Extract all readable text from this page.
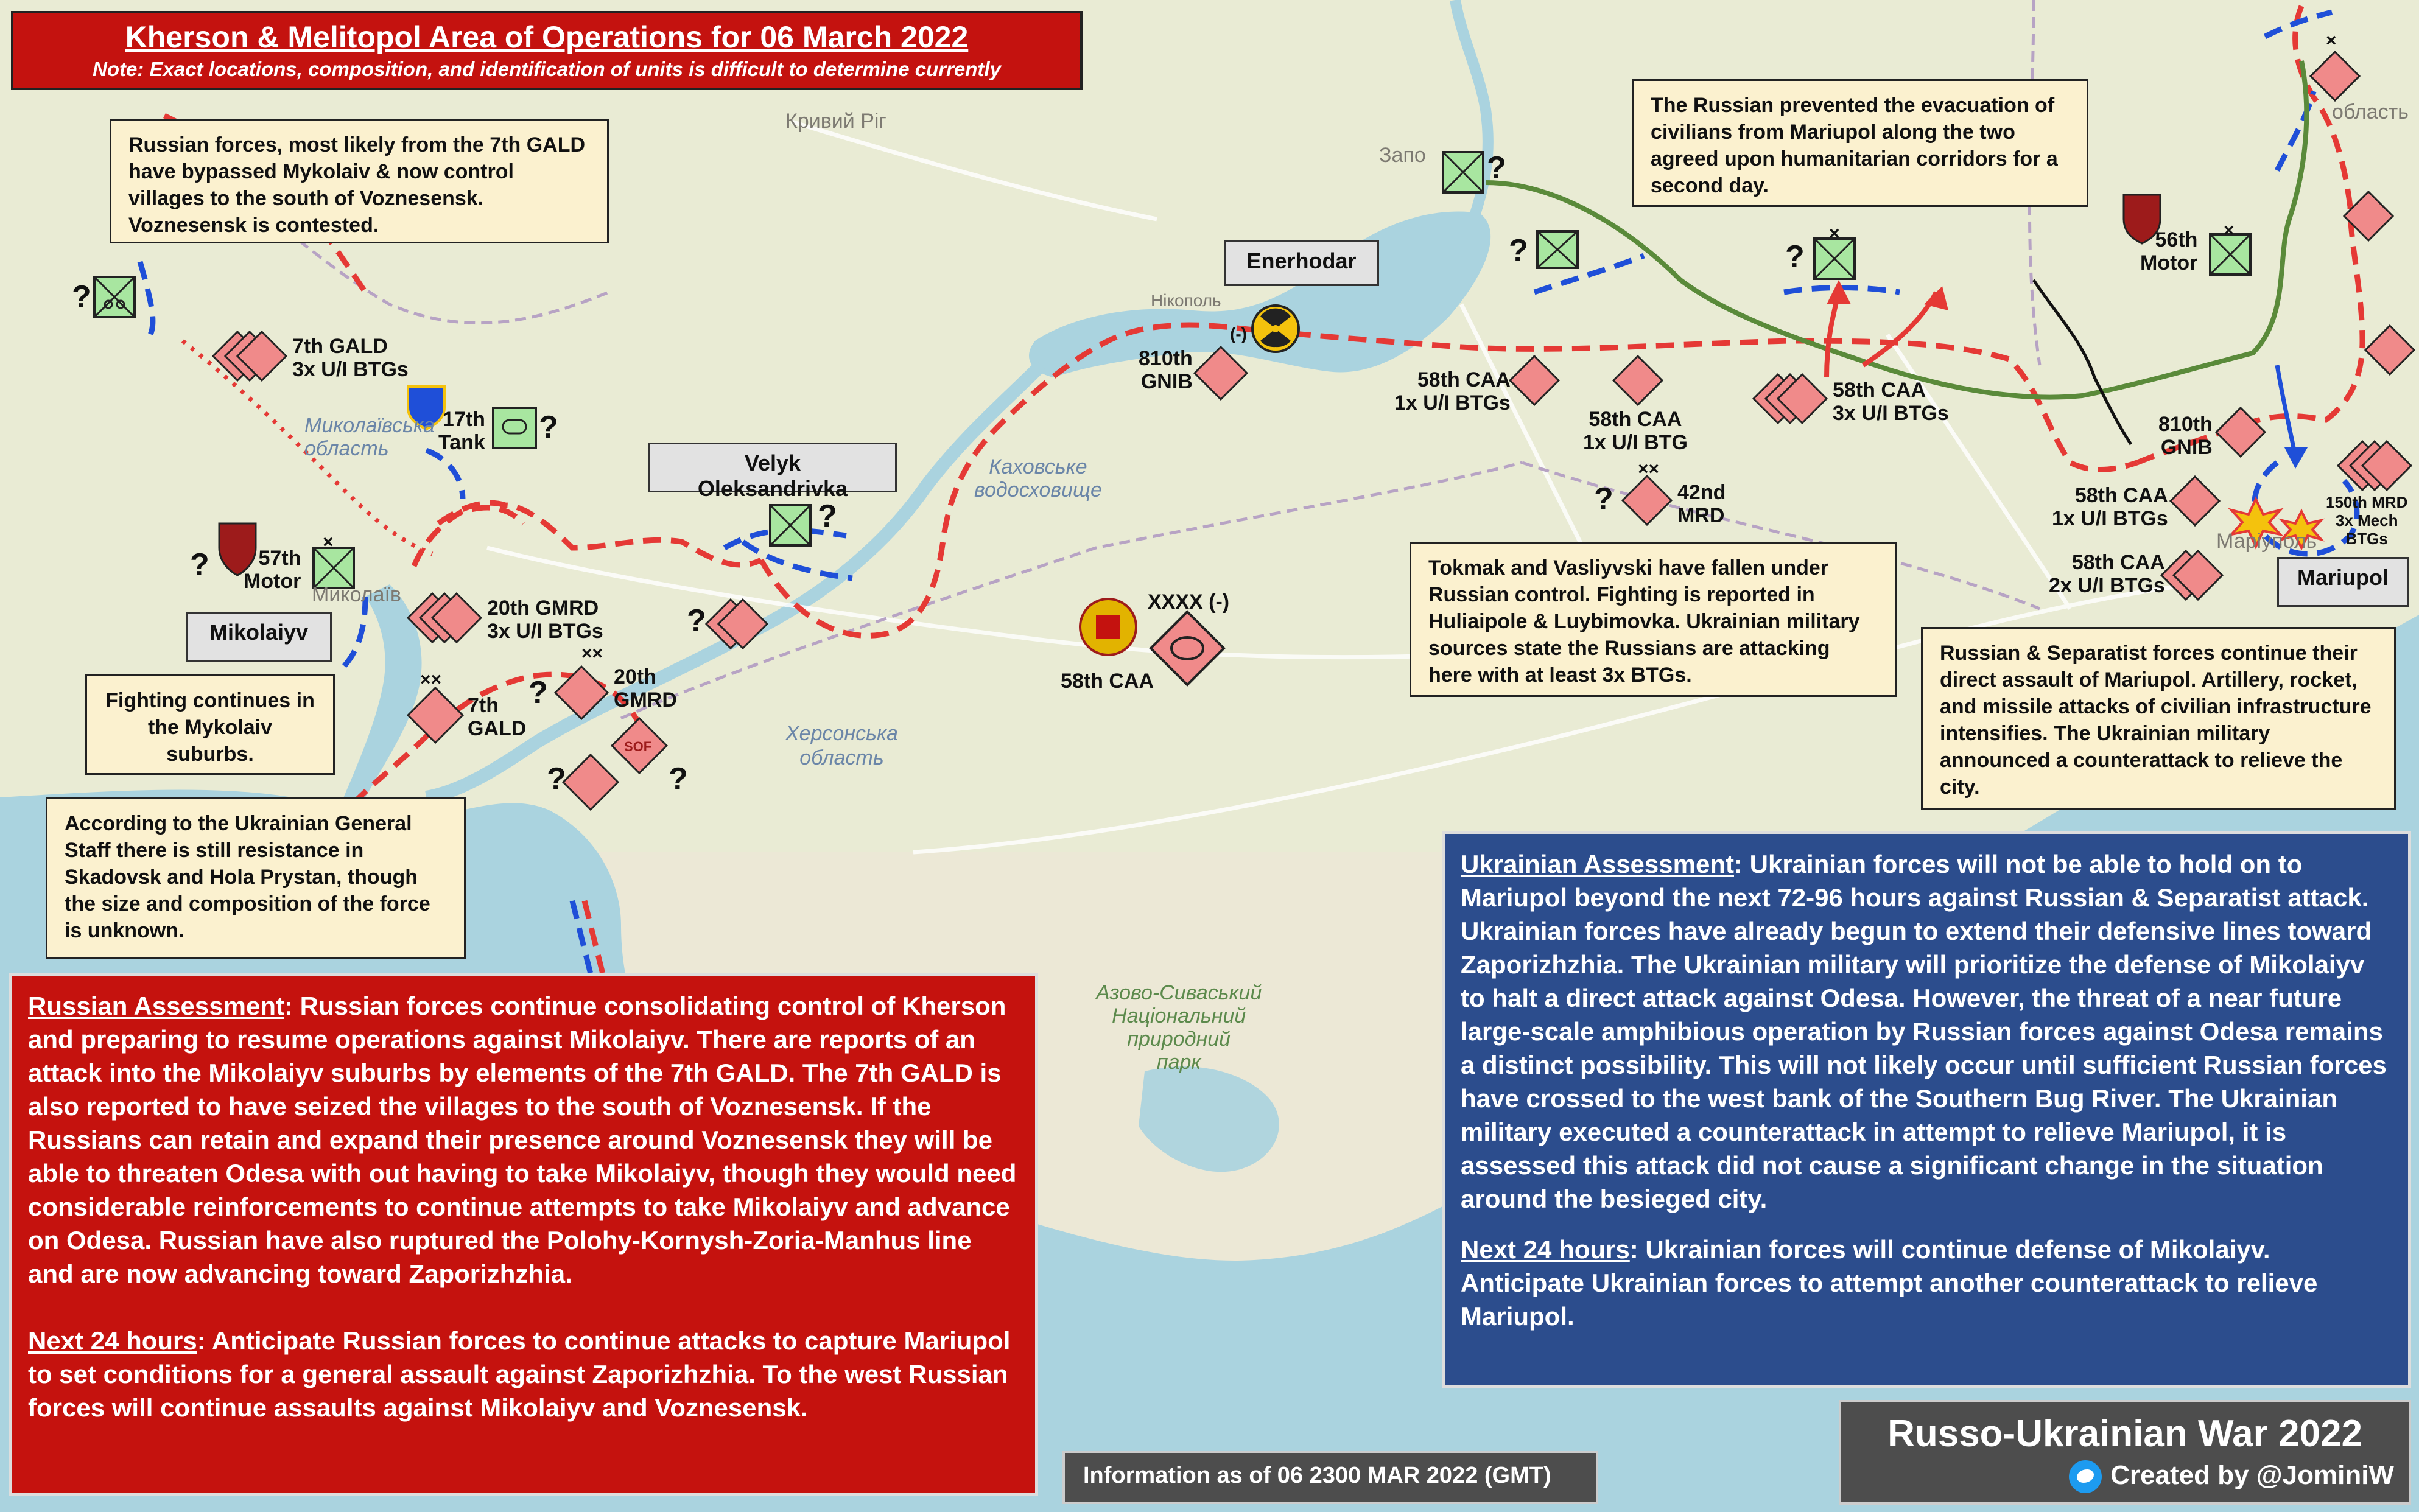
Кривий Ріг
Запо
Нікополь
Миколаївська
область
Миколаїв
Каховське
водосховище
Херсонська
область
Азово-Сиваський
Національний
природний
парк
Маріуполь
область
Kherson & Melitopol Area of Operations for 06 March 2022
Note: Exact locations, composition, and identification of units is difficult to determine currently
Russian forces, most likely from the 7th GALD have bypassed Mykolaiv & now control villages to the south of Voznesensk. Voznesensk is contested.
Fighting continues in the Mykolaiv suburbs.
According to the Ukrainian General Staff there is still resistance in Skadovsk and Hola Prystan, though the size and composition of the force is unknown.
The Russian prevented the evacuation of civilians from Mariupol along the two agreed upon humanitarian corridors for a second day.
Tokmak and Vasliyvski have fallen under Russian control. Fighting is reported in Huliaipole & Luybimovka. Ukrainian military sources state the Russians are attacking here with at least 3x BTGs.
Russian & Separatist forces continue their direct assault of Mariupol. Artillery, rocket, and missile attacks of civilian infrastructure intensifies. The Ukrainian military announced a counterattack to relieve the city.
Enerhodar
Velyk Oleksandrivka
Mikolaiyv
Mariupol
7th GALD
3x U/I BTGs
17th
Tank
57th
Motor
20th GMRD
3x U/I BTGs
7th
GALD
20th
GMRD
SOF
810th
GNIB
58th CAA
XXXX (-)
58th CAA
1x U/I BTGs
58th CAA
1x U/I BTG
42nd
MRD
58th CAA
3x U/I BTGs
56th
Motor
810th
GNIB
58th CAA
1x U/I BTGs
58th CAA
2x U/I BTGs
150th MRD
3x Mech
BTGs
(-)
×
××
××
××
×	×
×
?
?
?
?
?
?
?
?
?
?	?
?

Russian Assessment: Russian forces continue consolidating control of Kherson and preparing to resume operations against Mikolaiyv. There are reports of an attack into the Mikolaiyv suburbs by elements of the 7th GALD. The 7th GALD is also reported to have seized the villages to the south of Voznesensk. If the Russians can retain and expand their presence around Voznesensk they will be able to threaten Odesa with out having to take Mikolaiyv, though they would need considerable reinforcements to continue attempts to take Mikolaiyv and advance on Odesa. Russian have also ruptured the Polohy-Kornysh-Zoria-Manhus line and are now advancing toward Zaporizhzhia.

Next 24 hours: Anticipate Russian forces to continue attacks to capture Mariupol to set conditions for a general assault against Zaporizhzhia. To the west Russian forces will continue assaults against Mikolaiyv and Voznesensk.

Ukrainian Assessment: Ukrainian forces will not be able to hold on to Mariupol beyond the next 72-96 hours against Russian & Separatist attack. Ukrainian forces have already begun to extend their defensive lines toward Zaporizhzhia. The Ukrainian military will prioritize the defense of Mikolaiyv to halt a direct attack against Odesa. However, the threat of a near future large-scale amphibious operation by Russian forces against Odesa remains a distinct possibility. This will not likely occur until sufficient Russian forces have crossed to the west bank of the Southern Bug River. The Ukrainian military executed a counterattack in attempt to relieve Mariupol, it is assessed this attack did not cause a significant change in the situation around the besieged city.

Next 24 hours: Ukrainian forces will continue defense of Mikolaiyv. Anticipate Ukrainian forces to attempt another counterattack to relieve Mariupol.

Information as of 06 2300 MAR 2022 (GMT)
Russo-Ukrainian War 2022
Created by @JominiW
